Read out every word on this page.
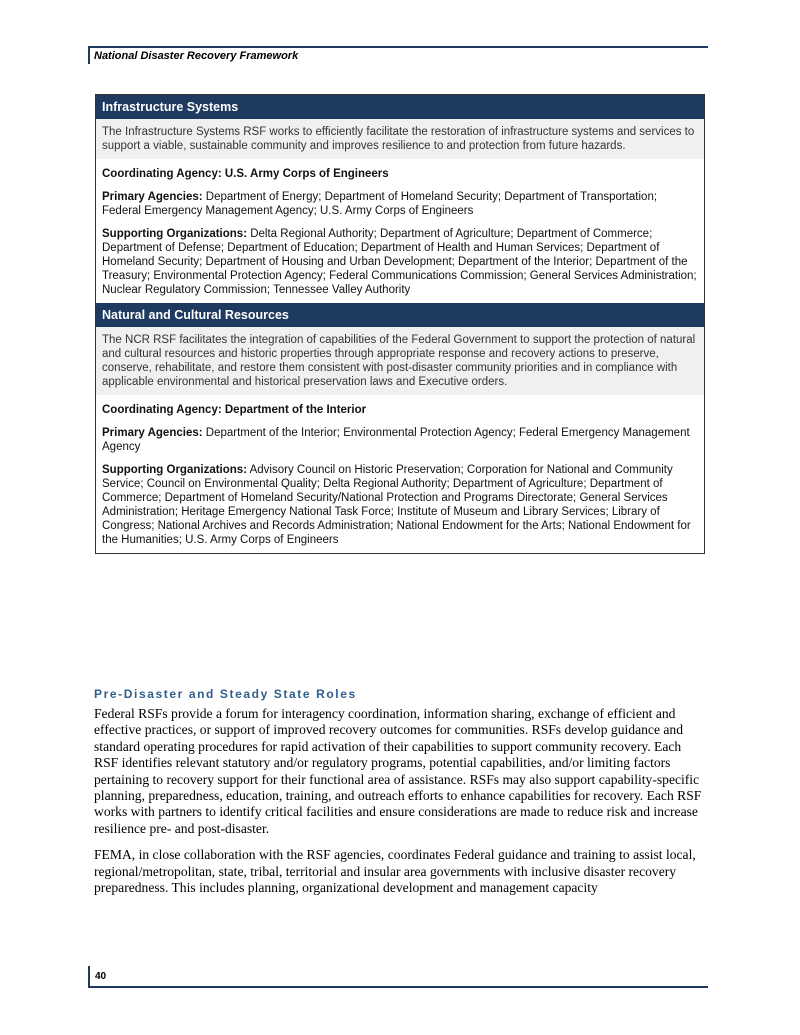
National Disaster Recovery Framework
Infrastructure Systems
The Infrastructure Systems RSF works to efficiently facilitate the restoration of infrastructure systems and services to support a viable, sustainable community and improves resilience to and protection from future hazards.

Coordinating Agency: U.S. Army Corps of Engineers

Primary Agencies: Department of Energy; Department of Homeland Security; Department of Transportation; Federal Emergency Management Agency; U.S. Army Corps of Engineers

Supporting Organizations: Delta Regional Authority; Department of Agriculture; Department of Commerce; Department of Defense; Department of Education; Department of Health and Human Services; Department of Homeland Security; Department of Housing and Urban Development; Department of the Interior; Department of the Treasury; Environmental Protection Agency; Federal Communications Commission; General Services Administration; Nuclear Regulatory Commission; Tennessee Valley Authority

Natural and Cultural Resources
The NCR RSF facilitates the integration of capabilities of the Federal Government to support the protection of natural and cultural resources and historic properties through appropriate response and recovery actions to preserve, conserve, rehabilitate, and restore them consistent with post-disaster community priorities and in compliance with applicable environmental and historical preservation laws and Executive orders.

Coordinating Agency: Department of the Interior

Primary Agencies: Department of the Interior; Environmental Protection Agency; Federal Emergency Management Agency

Supporting Organizations: Advisory Council on Historic Preservation; Corporation for National and Community Service; Council on Environmental Quality; Delta Regional Authority; Department of Agriculture; Department of Commerce; Department of Homeland Security/National Protection and Programs Directorate; General Services Administration; Heritage Emergency National Task Force; Institute of Museum and Library Services; Library of Congress; National Archives and Records Administration; National Endowment for the Arts; National Endowment for the Humanities; U.S. Army Corps of Engineers

Pre-Disaster and Steady State Roles

Federal RSFs provide a forum for interagency coordination, information sharing, exchange of efficient and effective practices, or support of improved recovery outcomes for communities. RSFs develop guidance and standard operating procedures for rapid activation of their capabilities to support community recovery. Each RSF identifies relevant statutory and/or regulatory programs, potential capabilities, and/or limiting factors pertaining to recovery support for their functional area of assistance. RSFs may also support capability-specific planning, preparedness, education, training, and outreach efforts to enhance capabilities for recovery. Each RSF works with partners to identify critical facilities and ensure considerations are made to reduce risk and increase resilience pre- and post-disaster.

FEMA, in close collaboration with the RSF agencies, coordinates Federal guidance and training to assist local, regional/metropolitan, state, tribal, territorial and insular area governments with inclusive disaster recovery preparedness. This includes planning, organizational development and management capacity

40
